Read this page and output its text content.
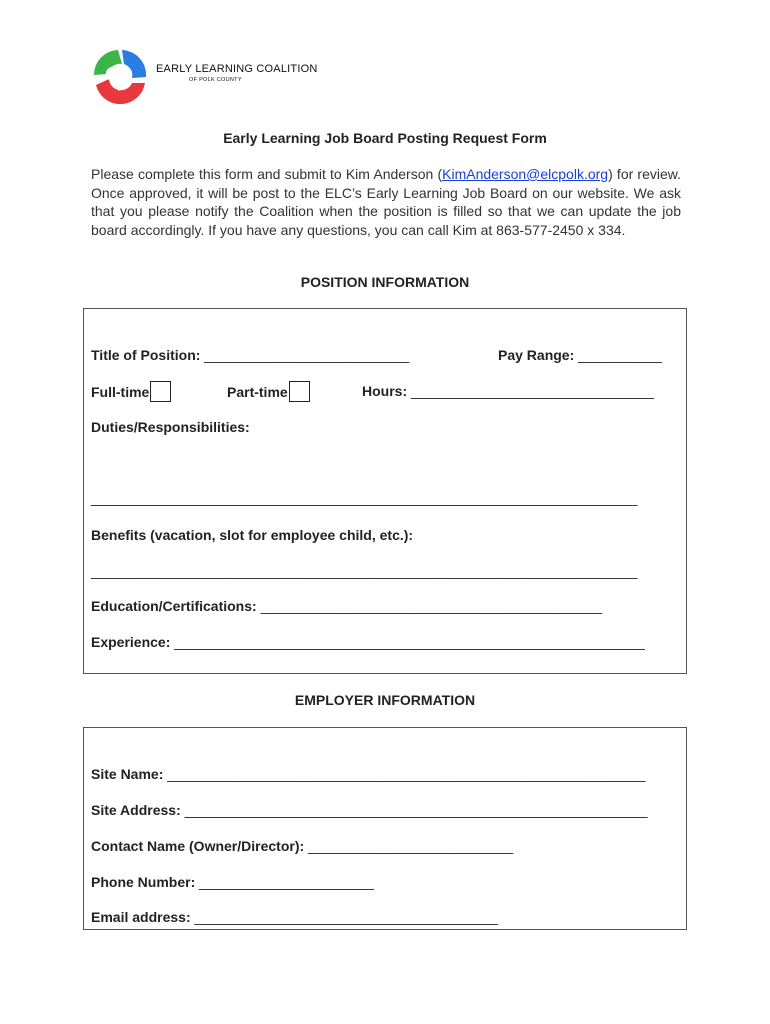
EARLY LEARNING COALITION
OF POLK COUNTY
Early Learning Job Board Posting Request Form
Please complete this form and submit to Kim Anderson (KimAnderson@elcpolk.org) for review. Once approved, it will be post to the ELC’s Early Learning Job Board on our website. We ask that you please notify the Coalition when the position is filled so that we can update the job board accordingly. If you have any questions, you can call Kim at 863-577-2450 x 334.
POSITION INFORMATION
Title of Position: ___________________________	Pay Range: ___________
Full-time	Part-time	Hours: ________________________________
Duties/Responsibilities:
________________________________________________________________________
Benefits (vacation, slot for employee child, etc.):
________________________________________________________________________
Education/Certifications: _____________________________________________
Experience: ______________________________________________________________
EMPLOYER INFORMATION
Site Name: _______________________________________________________________
Site Address: _____________________________________________________________
Contact Name (Owner/Director): ___________________________
Phone Number: _______________________
Email address: ________________________________________
